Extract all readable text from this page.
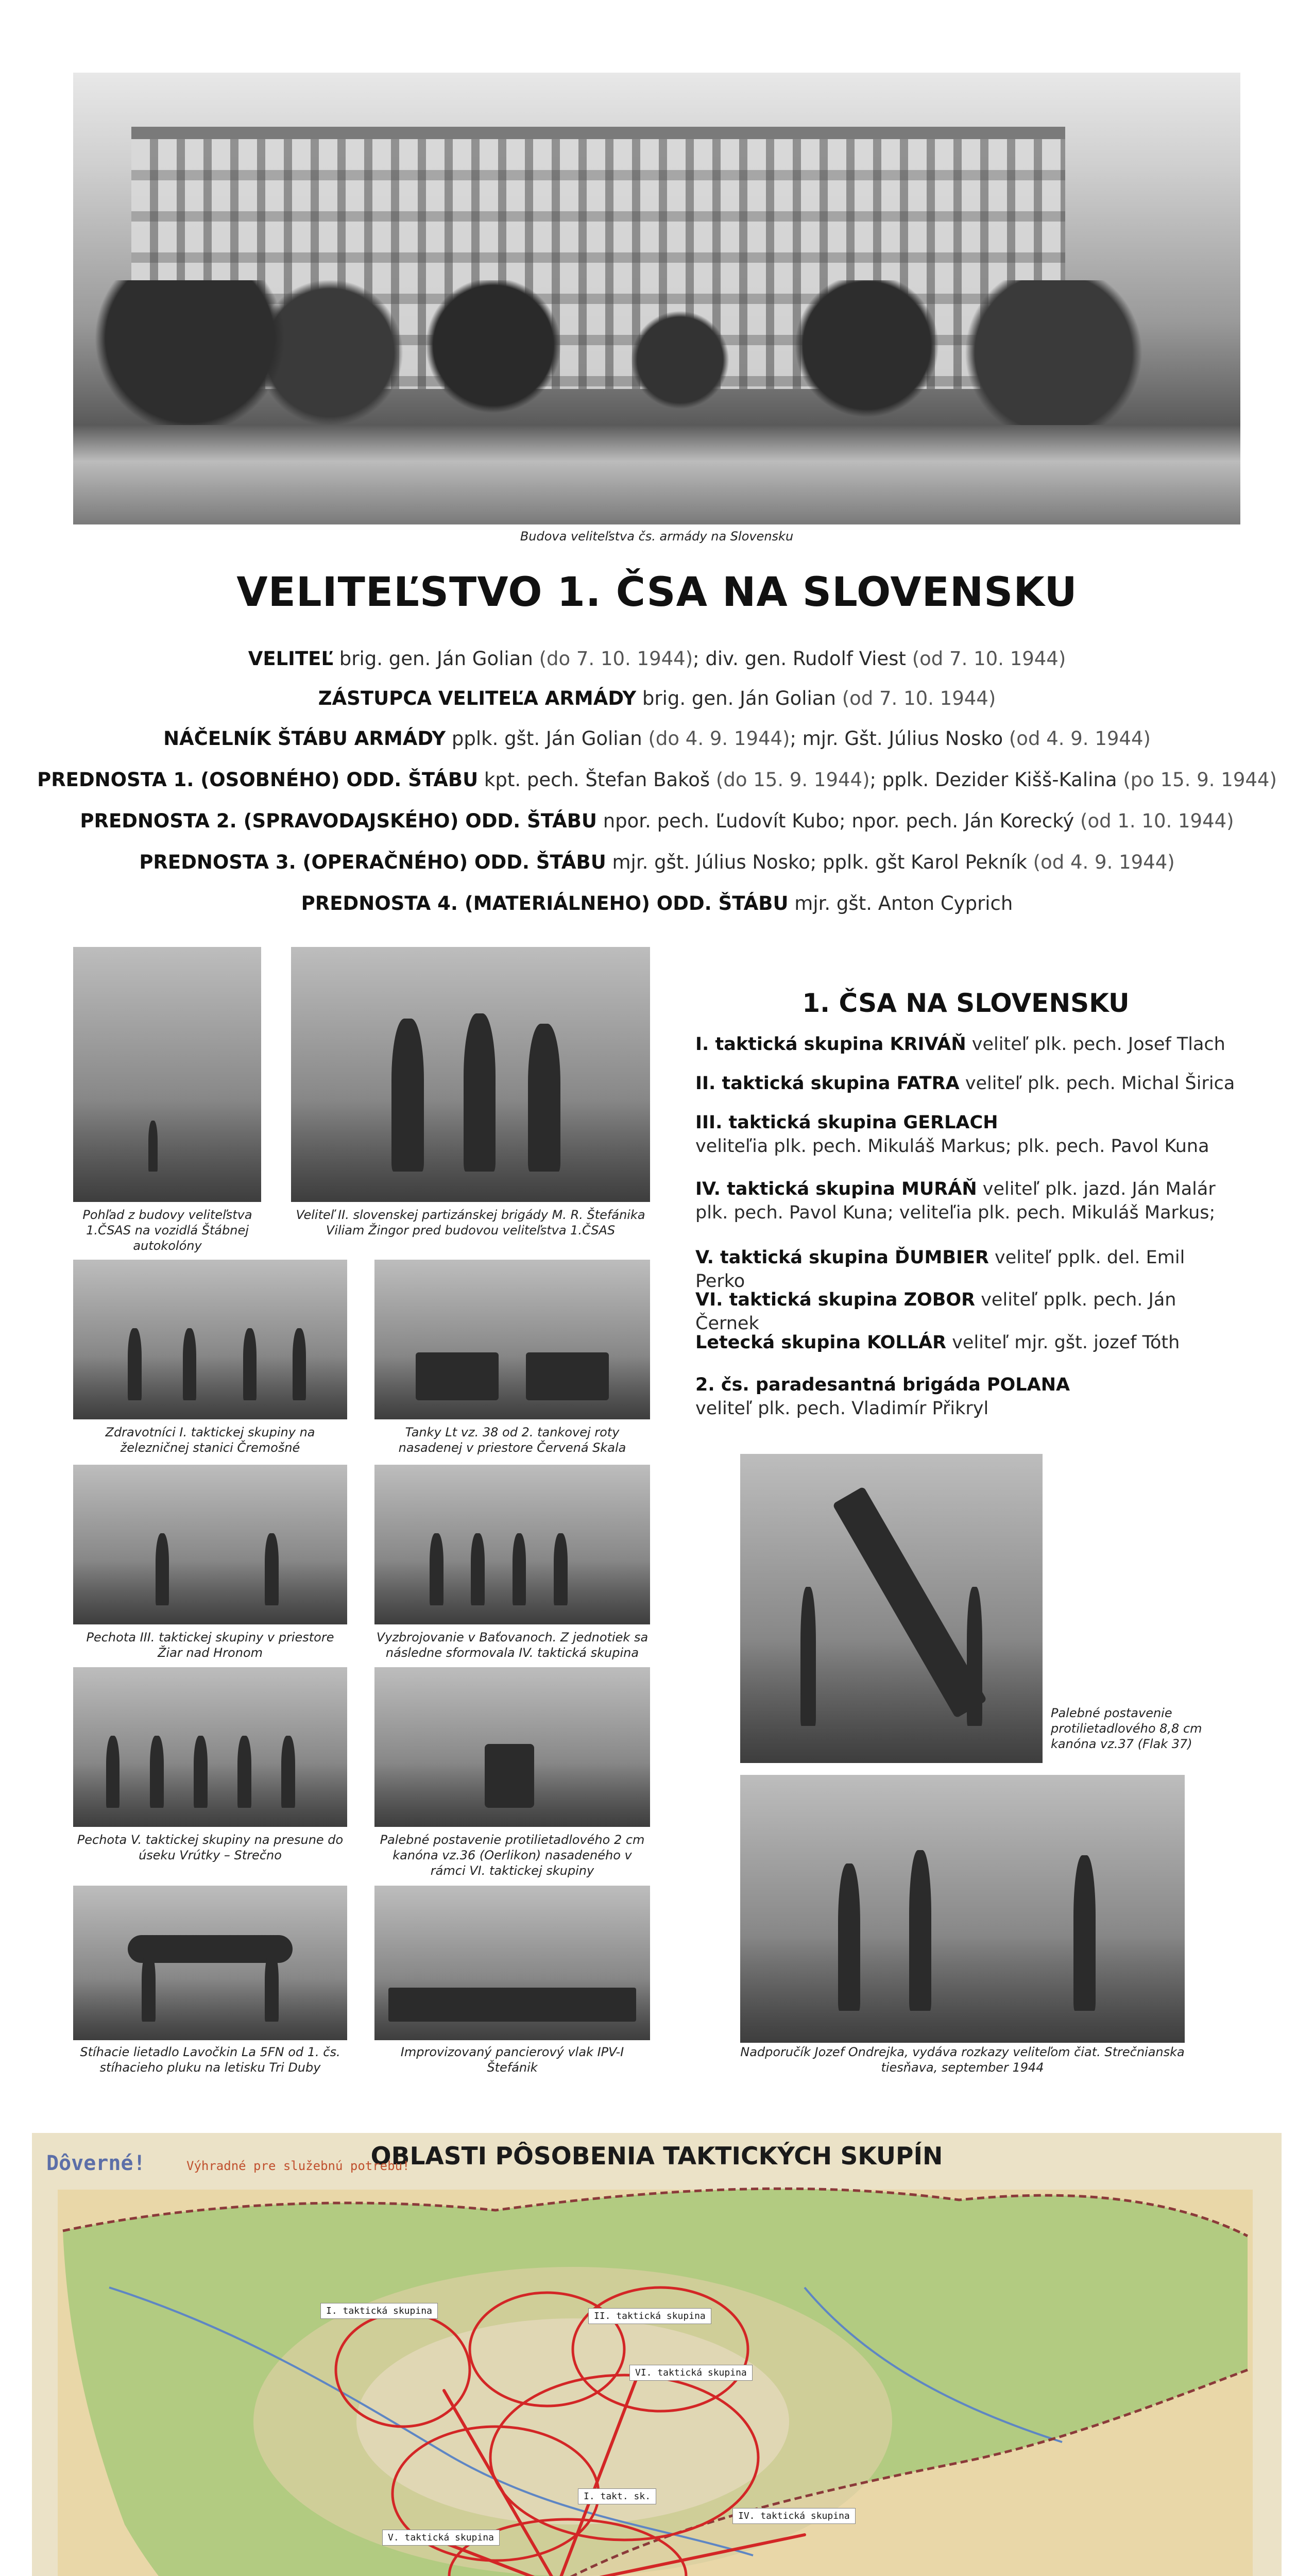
Budova veliteľstva čs. armády na Slovensku
VELITEĽSTVO 1. ČSA NA SLOVENSKU
VELITEĽ brig. gen. Ján Golian (do 7. 10. 1944); div. gen. Rudolf Viest (od 7. 10. 1944)
ZÁSTUPCA VELITEĽA ARMÁDY brig. gen. Ján Golian (od 7. 10. 1944)
NÁČELNÍK ŠTÁBU ARMÁDY pplk. gšt. Ján Golian (do 4. 9. 1944); mjr. Gšt. Július Nosko (od 4. 9. 1944)
PREDNOSTA 1. (OSOBNÉHO) ODD. ŠTÁBU kpt. pech. Štefan Bakoš (do 15. 9. 1944); pplk. Dezider Kišš-Kalina (po 15. 9. 1944)
PREDNOSTA 2. (SPRAVODAJSKÉHO) ODD. ŠTÁBU npor. pech. Ľudovít Kubo; npor. pech. Ján Korecký (od 1. 10. 1944)
PREDNOSTA 3. (OPERAČNÉHO) ODD. ŠTÁBU mjr. gšt. Július Nosko; pplk. gšt Karol Pekník (od 4. 9. 1944)
PREDNOSTA 4. (MATERIÁLNEHO) ODD. ŠTÁBU mjr. gšt. Anton Cyprich
Pohľad z budovy veliteľstva 1.ČSAS na vozidlá Štábnej autokolóny
Veliteľ II. slovenskej partizánskej brigády M. R. Štefánika Viliam Žingor pred budovou veliteľstva 1.ČSAS
Zdravotníci I. taktickej skupiny na železničnej stanici Čremošné
Tanky Lt vz. 38 od 2. tankovej roty nasadenej v priestore Červená Skala
Pechota III. taktickej skupiny v priestore Žiar nad Hronom
Vyzbrojovanie v Baťovanoch. Z jednotiek sa následne sformovala IV. taktická skupina
Pechota V. taktickej skupiny na presune do úseku Vrútky – Strečno
Palebné postavenie protilietadlového 2 cm kanóna vz.36 (Oerlikon) nasadeného v rámci VI. taktickej skupiny
Stíhacie lietadlo Lavočkin La 5FN od 1. čs. stíhacieho pluku na letisku Tri Duby
Improvizovaný pancierový vlak IPV-I Štefánik
1. ČSA NA SLOVENSKU
I. taktická skupina KRIVÁŇ veliteľ plk. pech. Josef Tlach
II. taktická skupina FATRA veliteľ plk. pech. Michal Širica
III. taktická skupina GERLACH
veliteľia plk. pech. Mikuláš Markus; plk. pech. Pavol Kuna
IV. taktická skupina MURÁŇ veliteľ plk. jazd. Ján Malár plk. pech. Pavol Kuna; veliteľia plk. pech. Mikuláš Markus;
V. taktická skupina ĎUMBIER veliteľ pplk. del. Emil Perko
VI. taktická skupina ZOBOR veliteľ pplk. pech. Ján Černek
Letecká skupina KOLLÁR veliteľ mjr. gšt. jozef Tóth
2. čs. paradesantná brigáda POLANA
veliteľ plk. pech. Vladimír Přikryl
Palebné postavenie protilietadlového 8,8 cm kanóna vz.37 (Flak 37)
Nadporučík Jozef Ondrejka, vydáva rozkazy veliteľom čiat. Strečnianska tiesňava, september 1944
OBLASTI PÔSOBENIA TAKTICKÝCH SKUPÍN
Dôverné!	Výhradné pre služebnú potrebu!
I. taktická skupina	II. taktická skupina
IV. taktická skupina
V. taktická skupina
VI. taktická skupina
I. takt. sk.
